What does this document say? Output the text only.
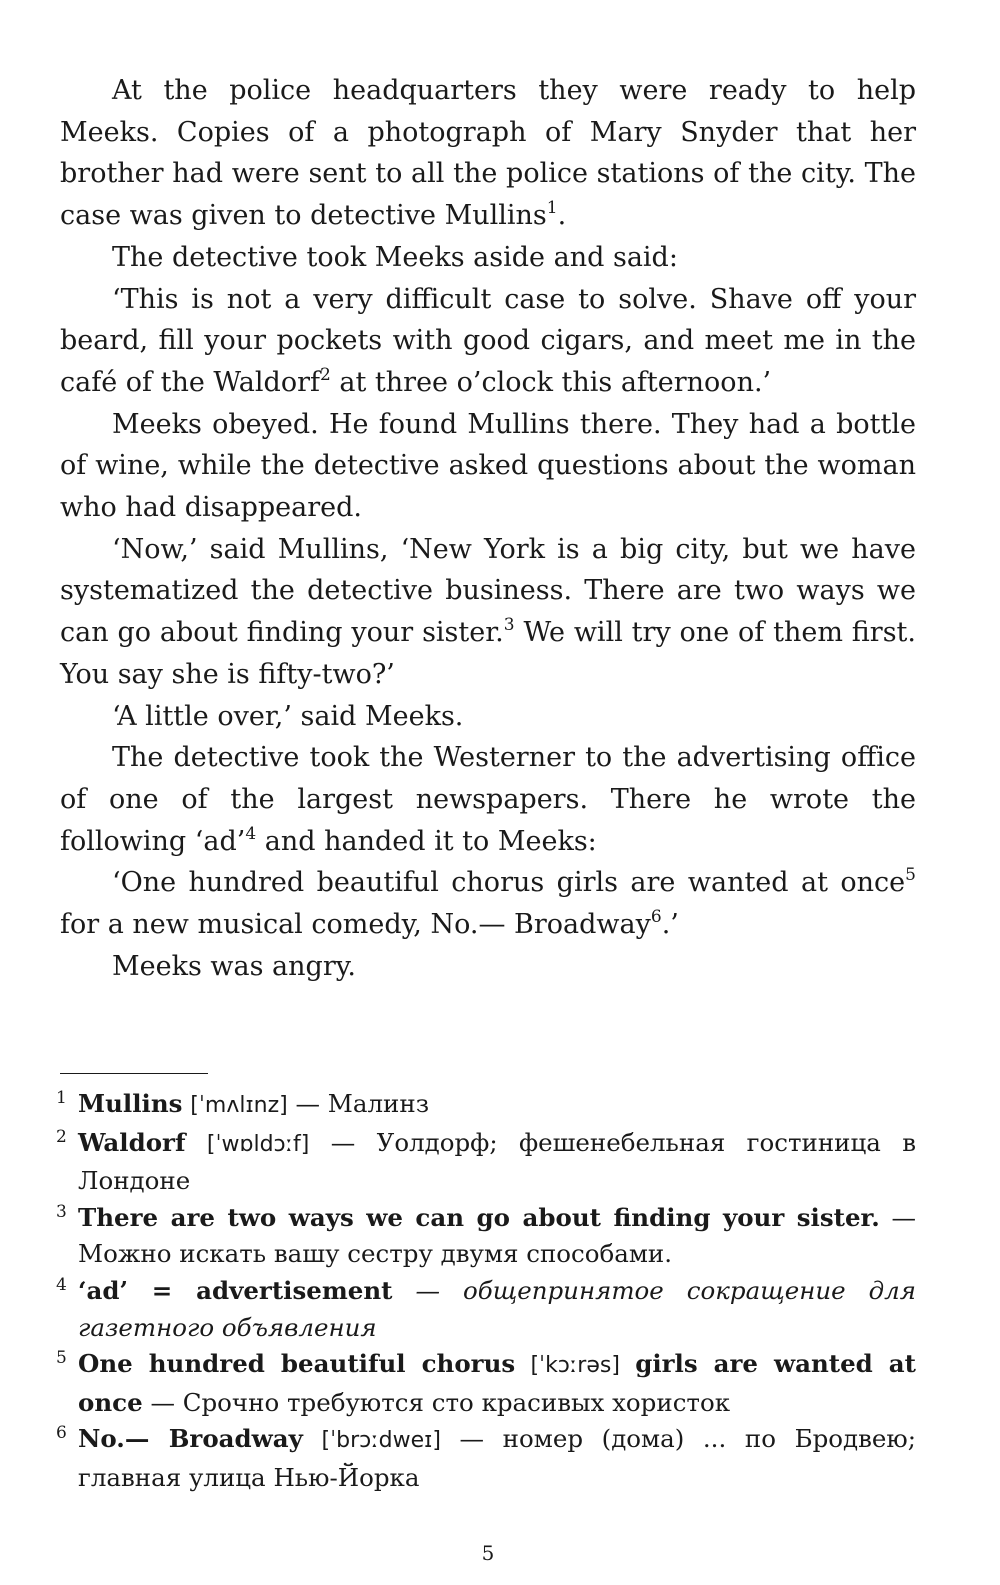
At the police headquarters they were ready to help Meeks. Copies of a photograph of Mary Snyder that her brother had were sent to all the police stations of the city. The case was given to detective Mullins$^1$.

The detective took Meeks aside and said:

‘This is not a very difficult case to solve. Shave off your beard, fill your pockets with good cigars, and meet me in the café of the Waldorf$^2$ at three o’clock this afternoon.’

Meeks obeyed. He found Mullins there. They had a bottle of wine, while the detective asked questions about the woman who had disappeared.

‘Now,’ said Mullins, ‘New York is a big city, but we have systematized the detective business. There are two ways we can go about finding your sister.$^3$ We will try one of them first. You say she is fifty-two?’

‘A little over,’ said Meeks.

The detective took the Westerner to the advertising office of one of the largest newspapers. There he wrote the following ‘ad’$^4$ and handed it to Meeks:

‘One hundred beautiful chorus girls are wanted at once$^5$ for a new musical comedy, No.— Broadway$^6$.’

Meeks was angry.

1 Mullins [ˈmʌlɪnz] — Малинз
2 Waldorf [ˈwɒldɔːf] — Уолдорф; фешенебельная гостиница в Лондоне
3 There are two ways we can go about finding your sister. — Можно искать вашу сестру двумя способами.
4 ‘ad’ = advertisement — общепринятое сокращение для газетного объявления
5 One hundred beautiful chorus [ˈkɔːrəs] girls are wanted at once — Срочно требуются сто красивых хористок
6 No.— Broadway [ˈbrɔːdweɪ] — номер (дома) ... по Бродвею; главная улица Нью-Йорка
5
